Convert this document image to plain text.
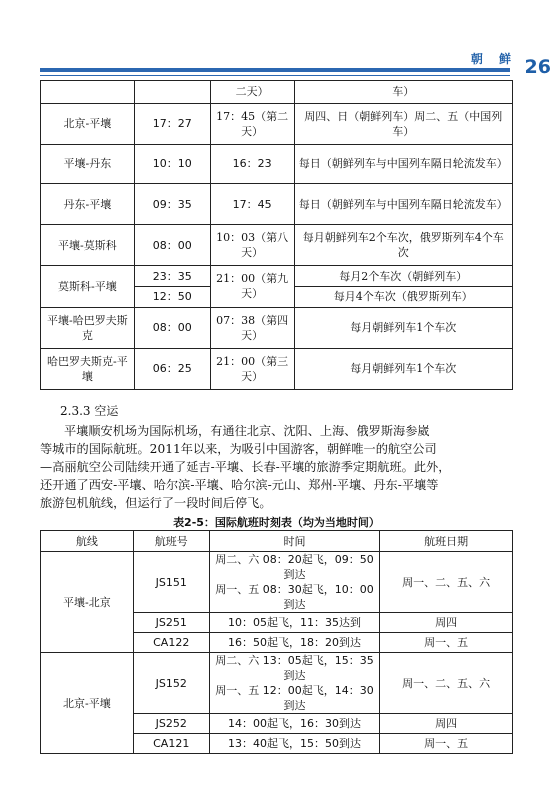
朝 鲜 26
		二天）	车）
北京-平壤	17：27	17：45（第二天）	周四、日（朝鲜列车）周二、五（中国列车）
平壤-丹东	10：10	16：23	每日（朝鲜列车与中国列车隔日轮流发车）
丹东-平壤	09：35	17：45	每日（朝鲜列车与中国列车隔日轮流发车）
平壤-莫斯科	08：00	10：03（第八天）	每月朝鲜列车2个车次，俄罗斯列车4个车次
莫斯科-平壤	23：35	21：00（第九天）	每月2个车次（朝鲜列车）
	12：50		每月4个车次（俄罗斯列车）
平壤-哈巴罗夫斯克	08：00	07：38（第四天）	每月朝鲜列车1个车次
哈巴罗夫斯克-平壤	06：25	21：00（第三天）	每月朝鲜列车1个车次
2.3.3 空运

平壤顺安机场为国际机场，有通往北京、沈阳、上海、俄罗斯海参崴
等城市的国际航班。2011年以来，为吸引中国游客，朝鲜唯一的航空公司
—高丽航空公司陆续开通了延吉-平壤、长春-平壤的旅游季定期航班。此外，
还开通了西安-平壤、哈尔滨-平壤、哈尔滨-元山、郑州-平壤、丹东-平壤等
旅游包机航线，但运行了一段时间后停飞。

表2-5：国际航班时刻表（均为当地时间）
航线	航班号	时间	航班日期
平壤-北京	JS151	周二、六 08：20起飞，09：50到达
周一、五 08：30起飞，10：00到达	周一、二、五、六
	JS251	10：05起飞，11：35达到	周四
	CA122	16：50起飞，18：20到达	周一、五
北京-平壤	JS152	周二、六 13：05起飞，15：35到达
周一、五 12：00起飞，14：30到达	周一、二、五、六
	JS252	14：00起飞，16：30到达	周四
	CA121	13：40起飞，15：50到达	周一、五
